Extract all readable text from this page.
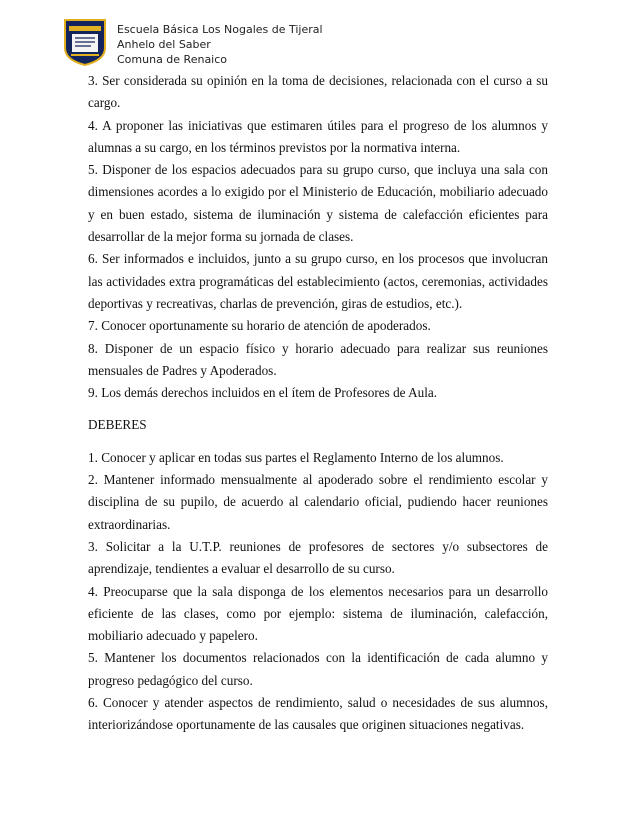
Escuela Básica Los Nogales de Tijeral
Anhelo del Saber
Comuna de Renaico

3. Ser considerada su opinión en la toma de decisiones, relacionada con el curso a su cargo.

4. A proponer las iniciativas que estimaren útiles para el progreso de los alumnos y alumnas a su cargo, en los términos previstos por la normativa interna.

5. Disponer de los espacios adecuados para su grupo curso, que incluya una sala con dimensiones acordes a lo exigido por el Ministerio de Educación, mobiliario adecuado y en buen estado, sistema de iluminación y sistema de calefacción eficientes para desarrollar de la mejor forma su jornada de clases.

6. Ser informados e incluidos, junto a su grupo curso, en los procesos que involucran las actividades extra programáticas del establecimiento (actos, ceremonias, actividades deportivas y recreativas, charlas de prevención, giras de estudios, etc.).

7. Conocer oportunamente su horario de atención de apoderados.

8. Disponer de un espacio físico y horario adecuado para realizar sus reuniones mensuales de Padres y Apoderados.

9. Los demás derechos incluidos en el ítem de Profesores de Aula.

DEBERES

1. Conocer y aplicar en todas sus partes el Reglamento Interno de los alumnos.

2. Mantener informado mensualmente al apoderado sobre el rendimiento escolar y disciplina de su pupilo, de acuerdo al calendario oficial, pudiendo hacer reuniones extraordinarias.

3. Solicitar a la U.T.P. reuniones de profesores de sectores y/o subsectores de aprendizaje, tendientes a evaluar el desarrollo de su curso.

4. Preocuparse que la sala disponga de los elementos necesarios para un desarrollo eficiente de las clases, como por ejemplo: sistema de iluminación, calefacción, mobiliario adecuado y papelero.

5. Mantener los documentos relacionados con la identificación de cada alumno y progreso pedagógico del curso.

6. Conocer y atender aspectos de rendimiento, salud o necesidades de sus alumnos, interiorizándose oportunamente de las causales que originen situaciones negativas.
